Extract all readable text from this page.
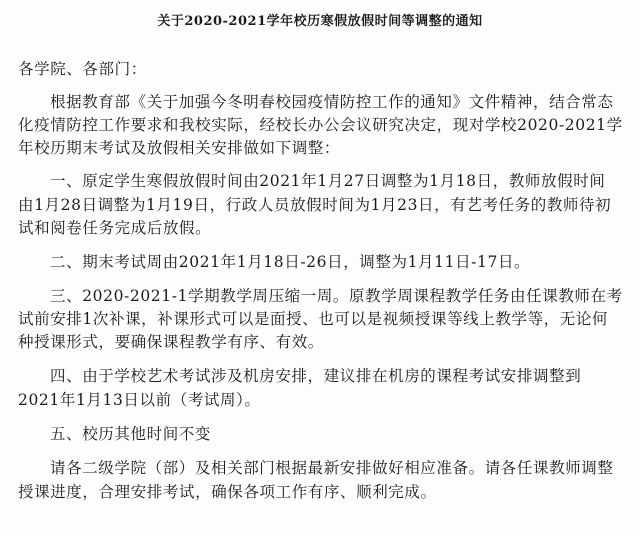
关于2020-2021学年校历寒假放假时间等调整的通知
各学院、各部门：
根据教育部《关于加强今冬明春校园疫情防控工作的通知》文件精神，结合常态
化疫情防控工作要求和我校实际，经校长办公会议研究决定，现对学校2020-2021学
年校历期末考试及放假相关安排做如下调整：
一、原定学生寒假放假时间由2021年1月27日调整为1月18日，教师放假时间
由1月28日调整为1月19日，行政人员放假时间为1月23日，有艺考任务的教师待初
试和阅卷任务完成后放假。
二、期末考试周由2021年1月18日-26日，调整为1月11日-17日。
三、2020-2021-1学期教学周压缩一周。原教学周课程教学任务由任课教师在考
试前安排1次补课，补课形式可以是面授、也可以是视频授课等线上教学等，无论何
种授课形式，要确保课程教学有序、有效。
四、由于学校艺术考试涉及机房安排，建议排在机房的课程考试安排调整到
2021年1月13日以前（考试周）。
五、校历其他时间不变
请各二级学院（部）及相关部门根据最新安排做好相应准备。请各任课教师调整
授课进度，合理安排考试，确保各项工作有序、顺利完成。
